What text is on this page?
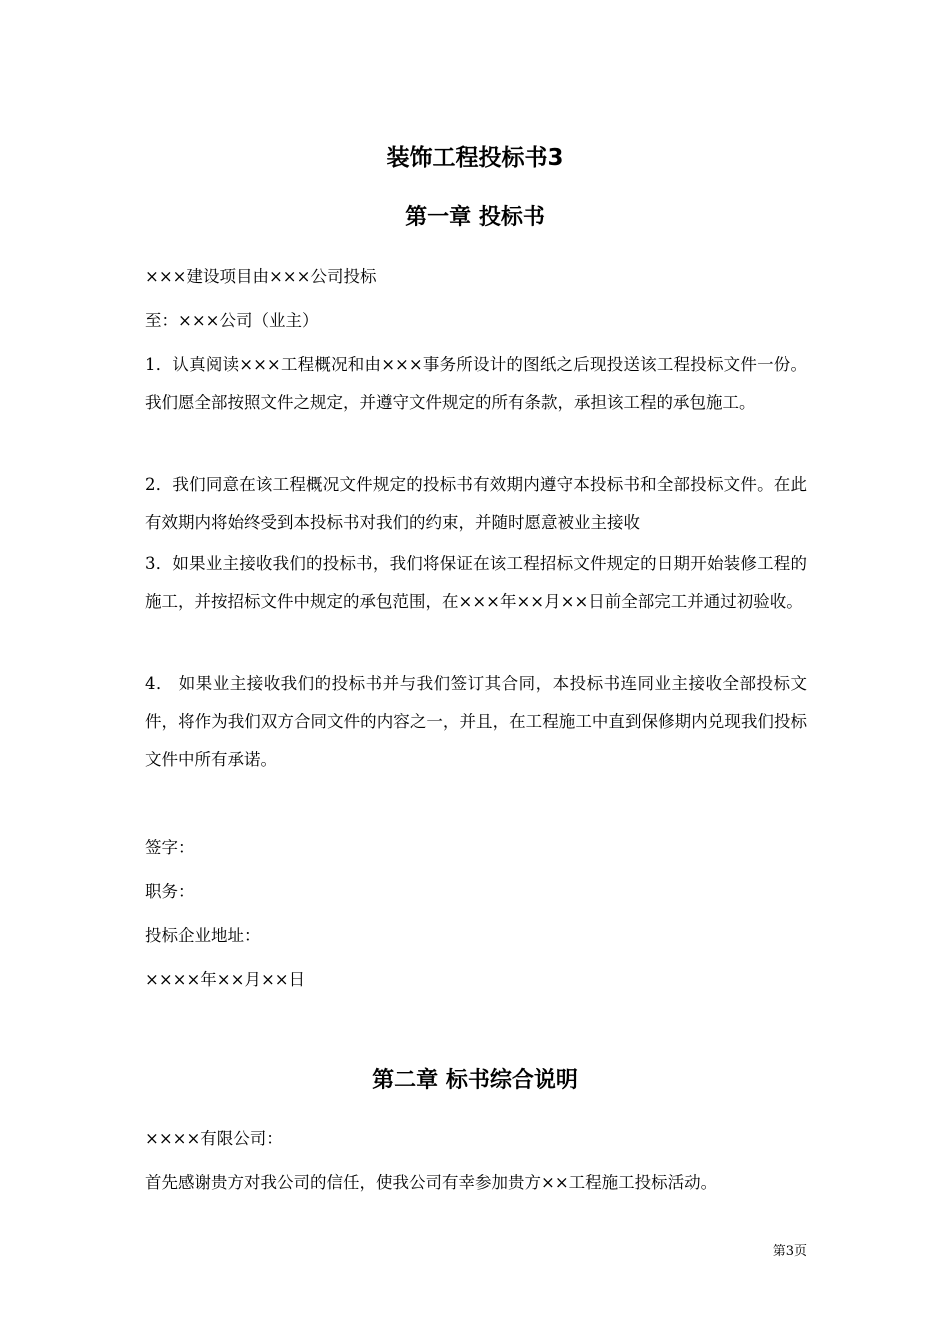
装饰工程投标书3
第一章 投标书

×××建设项目由×××公司投标

至：×××公司（业主）

1．认真阅读×××工程概况和由×××事务所设计的图纸之后现投送该工程投标文件一份。我们愿全部按照文件之规定，并遵守文件规定的所有条款，承担该工程的承包施工。

2．我们同意在该工程概况文件规定的投标书有效期内遵守本投标书和全部投标文件。在此有效期内将始终受到本投标书对我们的约束，并随时愿意被业主接收

3．如果业主接收我们的投标书，我们将保证在该工程招标文件规定的日期开始装修工程的施工，并按招标文件中规定的承包范围，在×××年××月××日前全部完工并通过初验收。

4． 如果业主接收我们的投标书并与我们签订其合同，本投标书连同业主接收全部投标文件，将作为我们双方合同文件的内容之一，并且，在工程施工中直到保修期内兑现我们投标文件中所有承诺。

签字：

职务：

投标企业地址：

××××年××月××日

第二章 标书综合说明

××××有限公司：

首先感谢贵方对我公司的信任，使我公司有幸参加贵方××工程施工投标活动。

第3页
